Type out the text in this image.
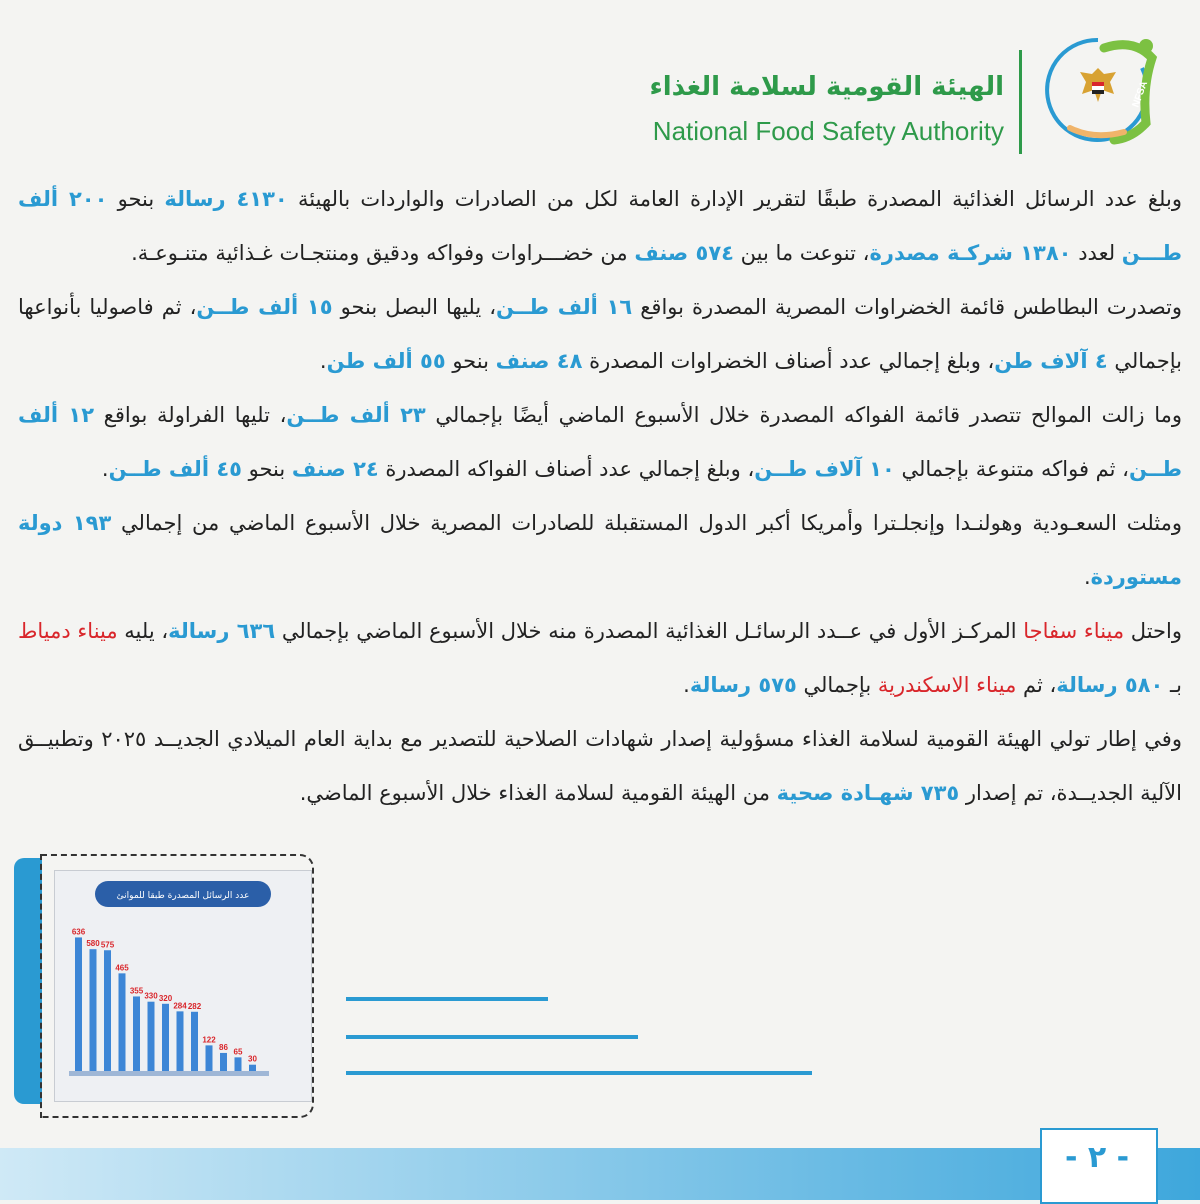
الهيئة القومية لسلامة الغذاء
National Food Safety Authority
NFSA

وبلغ عدد الرسائل الغذائية المصدرة طبقًا لتقرير الإدارة العامة لكل من الصادرات والواردات بالهيئة ٤١٣٠ رسالة بنحو ٢٠٠ ألف طـــن لعدد ١٣٨٠ شركـة مصدرة، تنوعت ما بين ٥٧٤ صنف من خضـــراوات وفواكه ودقيق ومنتجـات غـذائية متنـوعـة.

وتصدرت البطاطس قائمة الخضراوات المصرية المصدرة بواقع ١٦ ألف طــن، يليها البصل بنحو ١٥ ألف طــن، ثم فاصوليا بأنواعها بإجمالي ٤ آلاف طن، وبلغ إجمالي عدد أصناف الخضراوات المصدرة ٤٨ صنف بنحو ٥٥ ألف طن.

وما زالت الموالح تتصدر قائمة الفواكه المصدرة خلال الأسبوع الماضي أيضًا بإجمالي ٢٣ ألف طــن، تليها الفراولة بواقع ١٢ ألف طــن، ثم فواكه متنوعة بإجمالي ١٠ آلاف طــن، وبلغ إجمالي عدد أصناف الفواكه المصدرة ٢٤ صنف بنحو ٤٥ ألف طــن.

ومثلت السعـودية وهولنـدا وإنجلـترا وأمريكا أكبر الدول المستقبلة للصادرات المصرية خلال الأسبوع الماضي من إجمالي ١٩٣ دولة مستوردة.

واحتل ميناء سفاجا المركـز الأول في عــدد الرسائـل الغذائية المصدرة منه خلال الأسبوع الماضي بإجمالي ٦٣٦ رسالة، يليه ميناء دمياط بـ ٥٨٠ رسالة، ثم ميناء الاسكندرية بإجمالي ٥٧٥ رسالة.

وفي إطار تولي الهيئة القومية لسلامة الغذاء مسؤولية إصدار شهادات الصلاحية للتصدير مع بداية العام الميلادي الجديــد ٢٠٢٥ وتطبيــق الآلية الجديــدة، تم إصدار ٧٣٥ شهـادة صحية من الهيئة القومية لسلامة الغذاء خلال الأسبوع الماضي.

عدد الرسائل المصدرة طبقا للموانئ
636
580 575
465
355
330 320
284 282
122
86 65
30
- ٢ -
